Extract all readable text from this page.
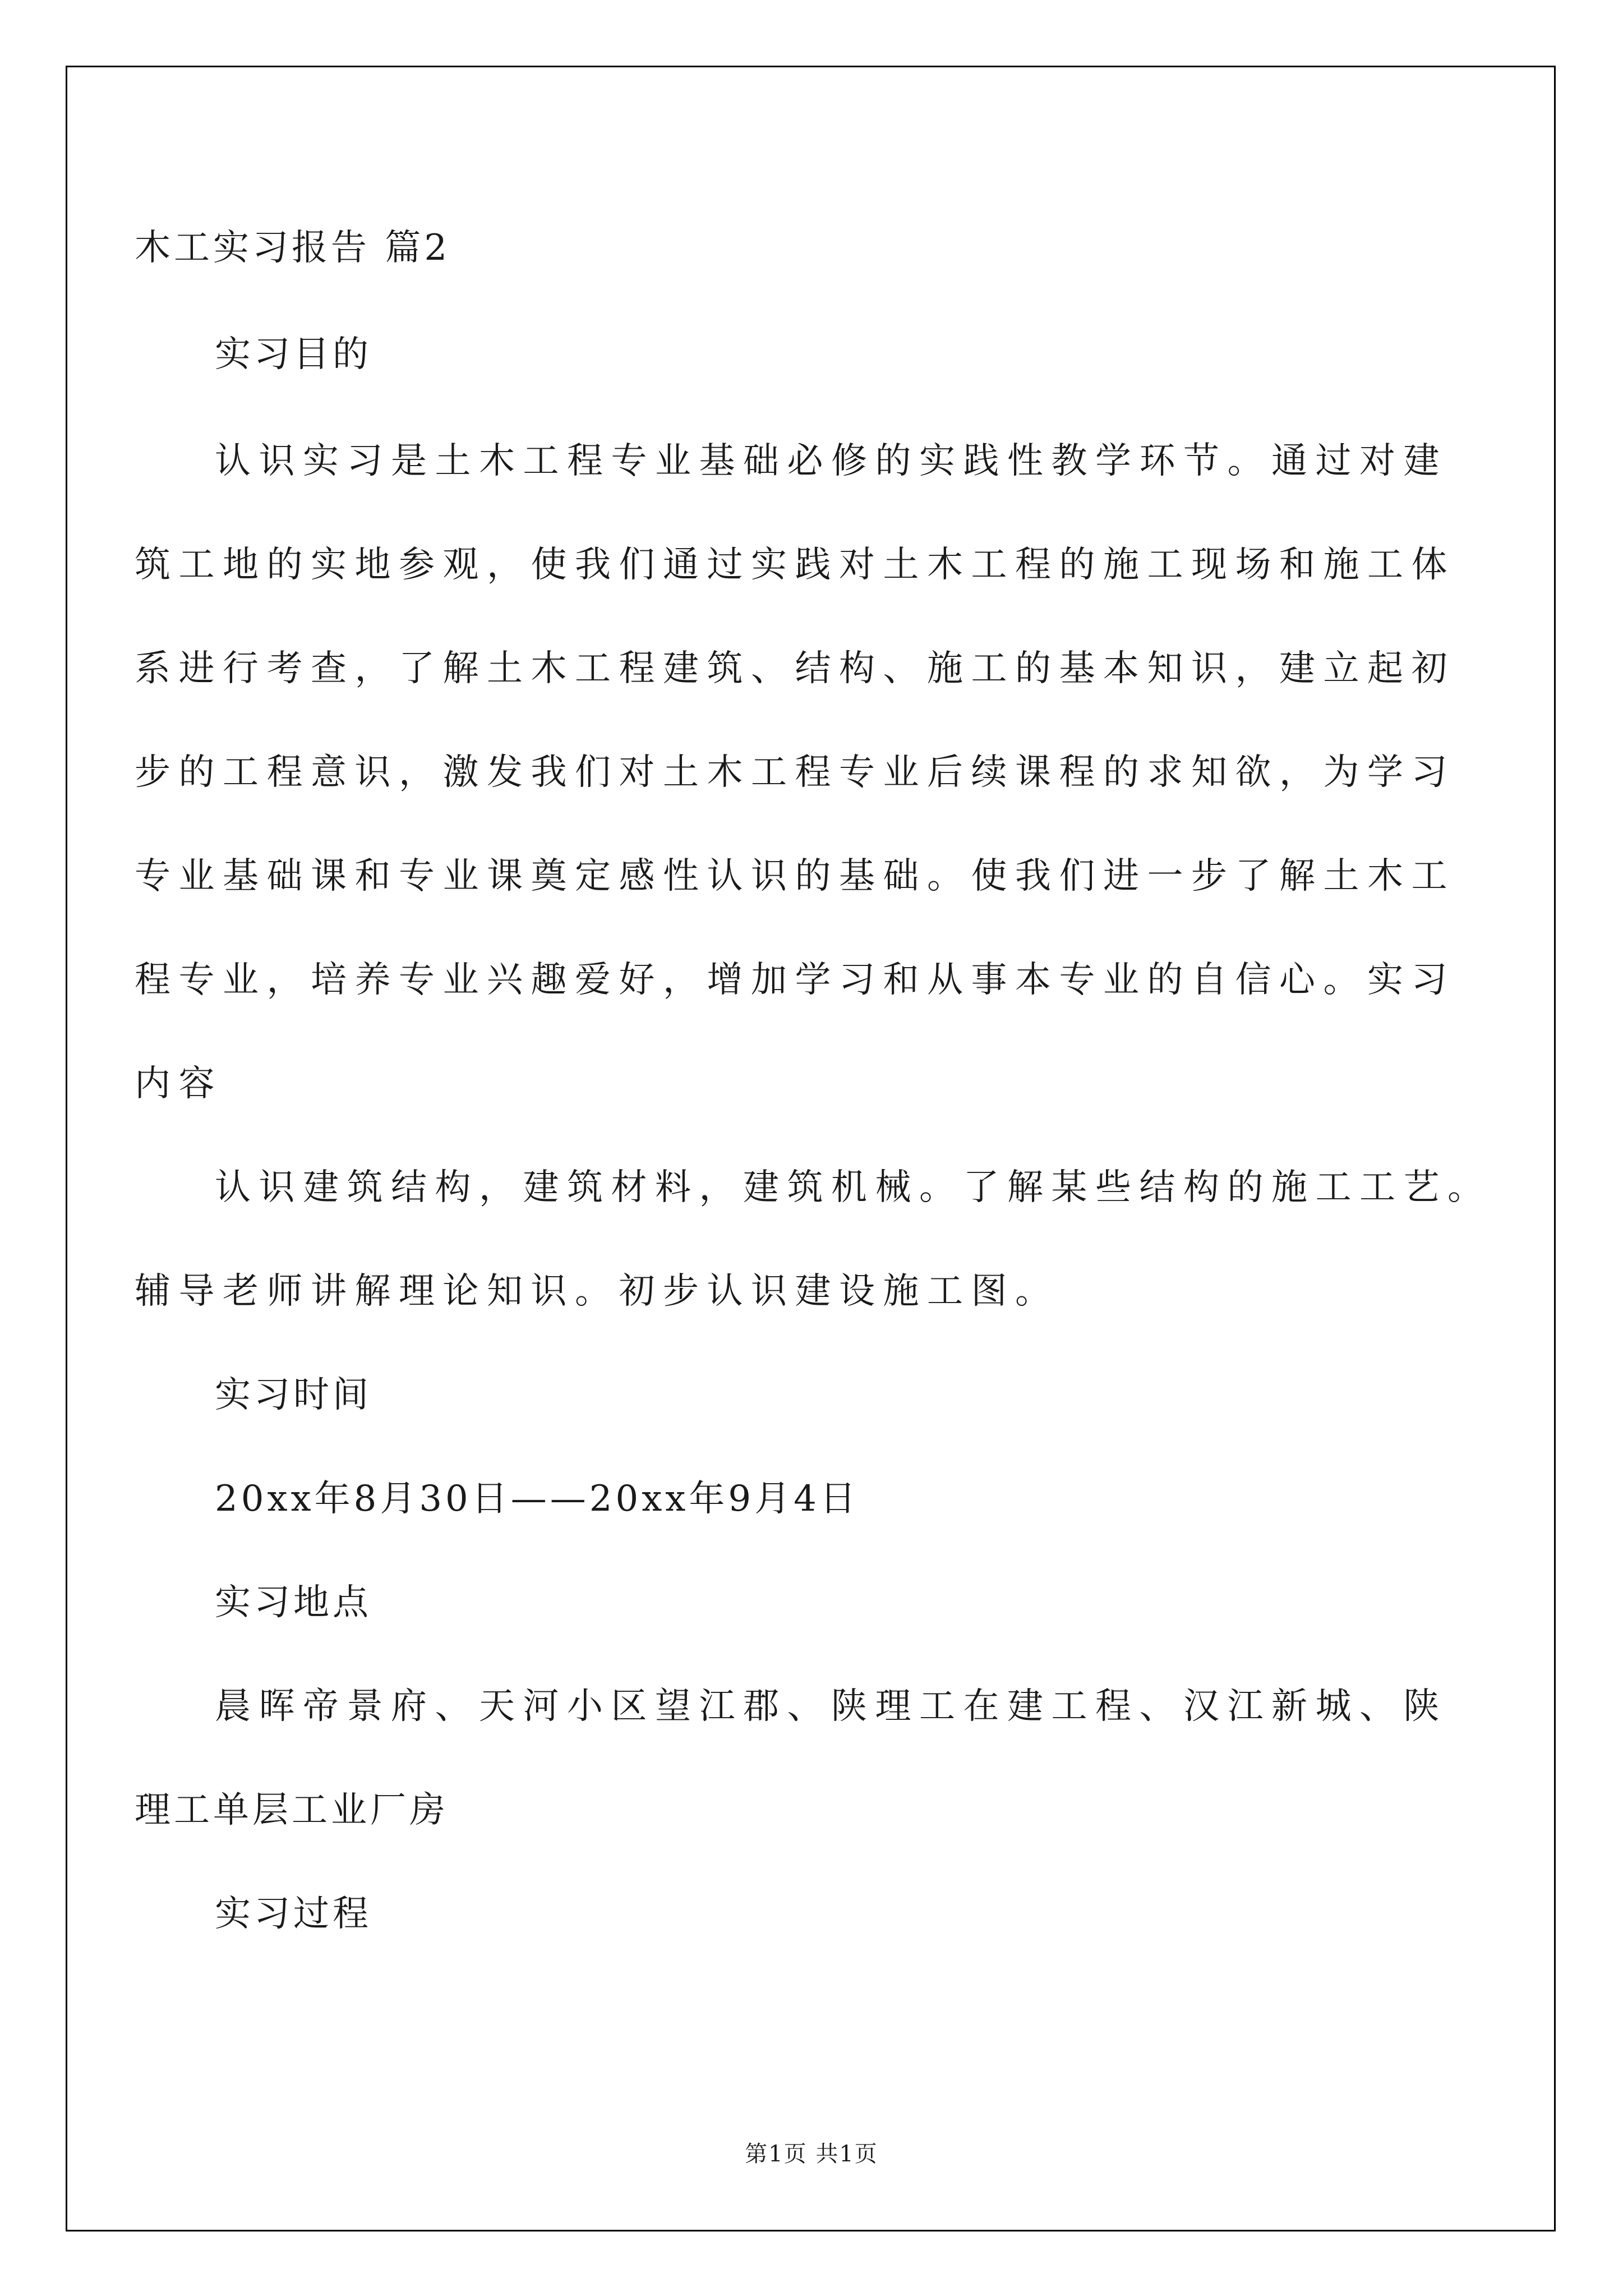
木工实习报告 篇2
实习目的
认识实习是土木工程专业基础必修的实践性教学环节。通过对建
筑工地的实地参观，使我们通过实践对土木工程的施工现场和施工体
系进行考查，了解土木工程建筑、结构、施工的基本知识，建立起初
步的工程意识，激发我们对土木工程专业后续课程的求知欲，为学习
专业基础课和专业课奠定感性认识的基础。使我们进一步了解土木工
程专业，培养专业兴趣爱好，增加学习和从事本专业的自信心。实习
内容
认识建筑结构，建筑材料，建筑机械。了解某些结构的施工工艺。
辅导老师讲解理论知识。初步认识建设施工图。
实习时间
20xx年8月30日——20xx年9月4日
实习地点
晨晖帝景府、天河小区望江郡、陕理工在建工程、汉江新城、陕
理工单层工业厂房
实习过程
第1页 共1页
